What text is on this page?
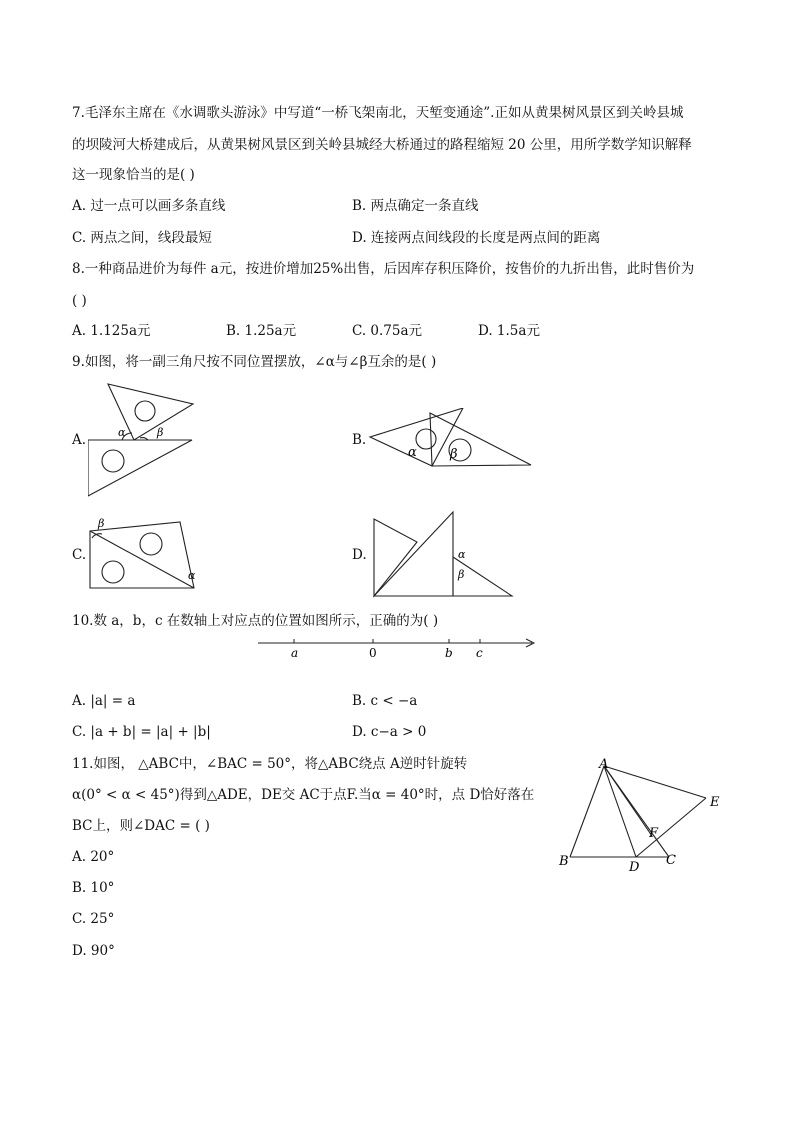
7.毛泽东主席在《水调歌头游泳》中写道“一桥飞架南北，天堑变通途”.正如从黄果树风景区到关岭县城
的坝陵河大桥建成后，从黄果树风景区到关岭县城经大桥通过的路程缩短 20 公里，用所学数学知识解释
这一现象恰当的是( )
A. 过一点可以画多条直线	B. 两点确定一条直线
C. 两点之间，线段最短	D. 连接两点间线段的长度是两点间的距离
8.一种商品进价为每件 a元，按进价增加25%出售，后因库存积压降价，按售价的九折出售，此时售价为
( )
A. 1.125a元	B. 1.25a元	C. 0.75a元	D. 1.5a元
9.如图，将一副三角尺按不同位置摆放，∠α与∠β互余的是( )
A.	α	β	B.
α	β
C.
β
α
D.	α
β
10.数 a，b，c 在数轴上对应点的位置如图所示，正确的为( )
a	0	b c
A. |a| = a	B. c < −a
C. |a + b| = |a| + |b|	D. c−a > 0
11.如图， △ABC中，∠BAC = 50°，将△ABC绕点 A逆时针旋转
α(0° < α < 45°)得到△ADE，DE交 AC于点F.当α = 40°时，点 D恰好落在
BC上，则∠DAC = ( )
A. 20°
B. 10°
C. 25°
D. 90°
A
B	C
D
E
F
